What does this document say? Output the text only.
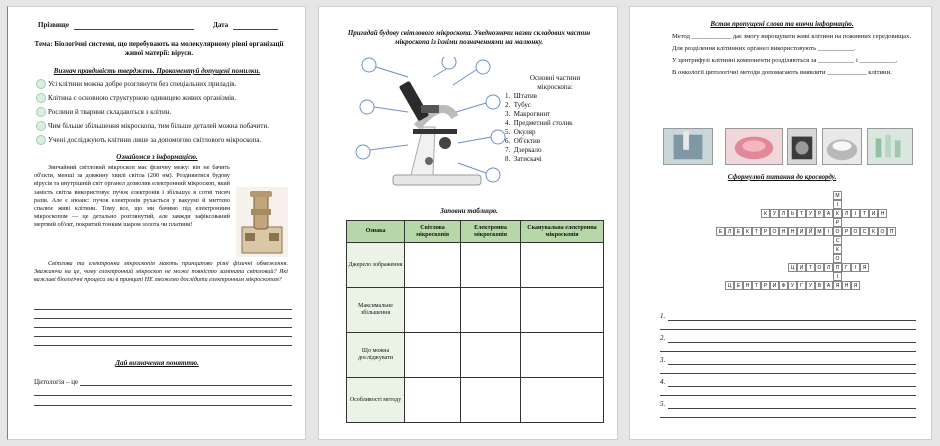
Прізвище	Дата
Тема: Біологічні системи, що перебувають на молекулярному рівні організації живої матерії: віруси.
Визнач правдивість тверджень. Прокоментуй допущені помилки.
Усі клітини можна добре розглянути без спеціальних приладів.
Клітина є основною структурною одиницею живих організмів.
Рослини й тварини складаються з клітин.
Чим більше збільшення мікроскопа, тим більше деталей можна побачити.
Учені досліджують клітини лише за допомогою світлового мікроскопа.
Ознайомся з інформацією.
Звичайний світловий мікроскоп має фізичну межу: він не бачить об'єкти, менші за довжину хвилі світла (200 нм). Роздивитися будову вірусів та внутрішній світ органел дозволив електронний мікроскоп, який замість світла використовує пучок електронів і збільшує в сотні тисяч разів. Але є нюанс: пучок електронів рухається у вакуумі й миттєво спалює живі клітини. Тому все, що ми бачимо під електронним мікроскопом — це детально розглянутий, але завжди зафіксований мертвий об'єкт, покритий тонким шаром золота чи платини!
Світлова та електронна мікроскопія мають принципово різні фізичні обмеження. Зважаючи на це, чому електронний мікроскоп не може повністю замінити світловий? Які важливі біологічні процеси ми в принципі НЕ зможемо дослідити електронним мікроскопом?
Дай визначення поняттю.
Цитологія – це
Пригадай будову світлового мікроскопа. Уведнозначи назви складових частин мікроскопа із їхніми позначеннями на малюнку.
Основні частини мікроскопа:
1.  Штатив
2.  Тубус
3.  Макрогвинт
4.  Предметний столик
5.  Окуляр
6.  Об'єктив
7.  Дзеркало
8.  Затискачі
Заповни таблицю.
Ознака	Світлова мікроскопія	Електронна мікроскопія	Сканувальна електронна мікроскопія
Джерело зображення			
Максимальне збільшення			
Що можна досліджувати			
Особливості методу			
Встав пропущені слова та вивчи інформацію.
Метод ____________ дає змогу вирощувати живі клітини на поживних середовищах.
Для розділення клітинних органел використовують ___________.
У центрифузі клітинні компоненти розділяються за ___________ і ___________.
В онкології цитологічні методи допомагають виявляти ____________ клітини.
Сформулюй питання до кросворду.
М
І
К
Р
О
С
К
О
П
І
Я
К	У	Л	Ь	Т	У	Р	А	Л	І	Т	И	Н
Е	Л	Е	К	Т	Р	О	Н	Н	И	Й	М	І	Р	О	С	К	О	П
Ц	И	Т	О	Л	Г	І	Я
Ц	Е	Н	Т	Р	И	Ф	У	Г	У	В	А	Н	Я
1.
2.
3.
4.
5.
